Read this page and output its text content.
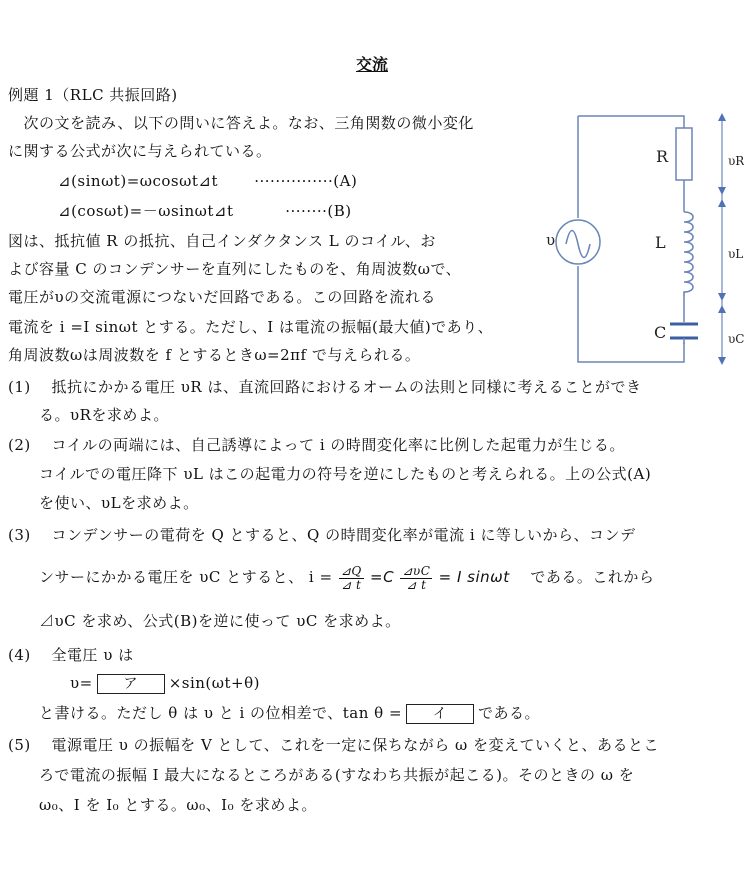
交流
例題 1（RLC 共振回路)
　次の文を読み、以下の問いに答えよ。なお、三角関数の微小変化
に関する公式が次に与えられている。
⊿(sinωt)=ωcosωt⊿t　　 ···············(A)
⊿(cosωt)=－ωsinωt⊿t　　　 ········(B)
図は、抵抗値 R の抵抗、自己インダクタンス L のコイル、お
よび容量 C のコンデンサーを直列にしたものを、角周波数ωで、
電圧がυの交流電源につないだ回路である。この回路を流れる
電流を i =I sinωt とする。ただし、I は電流の振幅(最大値)であり、
角周波数ωは周波数を f とするときω=2πf で与えられる。
(1)　 抵抗にかかる電圧 υR は、直流回路におけるオームの法則と同様に考えることができ
　　る。υRを求めよ。
(2)　 コイルの両端には、自己誘導によって i の時間変化率に比例した起電力が生じる。
　　コイルでの電圧降下 υL はこの起電力の符号を逆にしたものと考えられる。上の公式(A)
　　を使い、υLを求めよ。
(3)　 コンデンサーの電荷を Q とすると、Q の時間変化率が電流 i に等しいから、コンデ
　　ンサーにかかる電圧を υC とすると、 $i = \frac{⊿Q}{⊿ t} =C \frac{⊿\upsilon C}{⊿ t} = I$ sinωt 　である。これから
　　⊿υC を求め、公式(B)を逆に使って υC を求めよ。
(4)　 全電圧 υ は
υ= ア ×sin(ωt+θ)
　　と書ける。ただし θ は υ と i の位相差で、tan θ = イ である。
(5)　 電源電圧 υ の振幅を V として、これを一定に保ちながら ω を変えていくと、あるとこ
　　ろで電流の振幅 I 最大になるところがある(すなわち共振が起こる)。そのときの ω を
　　ω₀、I を I₀ とする。ω₀、I₀ を求めよ。
υ
R
L
C
υR
υL
υC
